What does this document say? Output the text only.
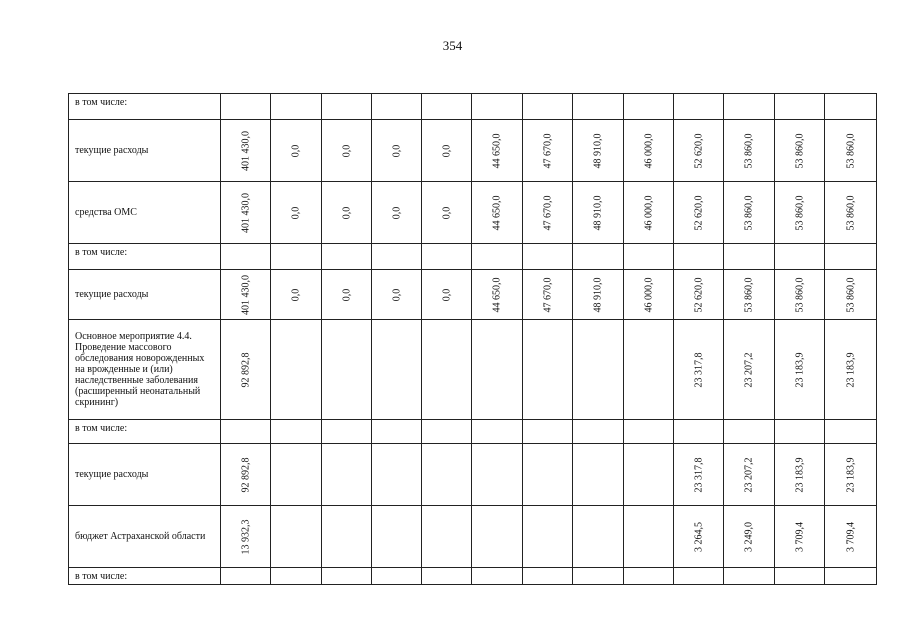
354
в том числе:	

текущие расходы	401 430,0	0,0	0,0	0,0	0,0	44 650,0	47 670,0	48 910,0	46 000,0	52 620,0	53 860,0	53 860,0	53 860,0

средства ОМС	401 430,0	0,0	0,0	0,0	0,0	44 650,0	47 670,0	48 910,0	46 000,0	52 620,0	53 860,0	53 860,0	53 860,0

в том числе:	

текущие расходы	401 430,0	0,0	0,0	0,0	0,0	44 650,0	47 670,0	48 910,0	46 000,0	52 620,0	53 860,0	53 860,0	53 860,0

Основное мероприятие 4.4. Проведение массового обследования новорожденных на врожденные и (или) наследственные заболевания (расширенный неонатальный скрининг)	92 892,8									23 317,8	23 207,2	23 183,9	23 183,9

в том числе:	

текущие расходы	92 892,8									23 317,8	23 207,2	23 183,9	23 183,9

бюджет Астраханской области	13 932,3									3 264,5	3 249,0	3 709,4	3 709,4

в том числе:	
